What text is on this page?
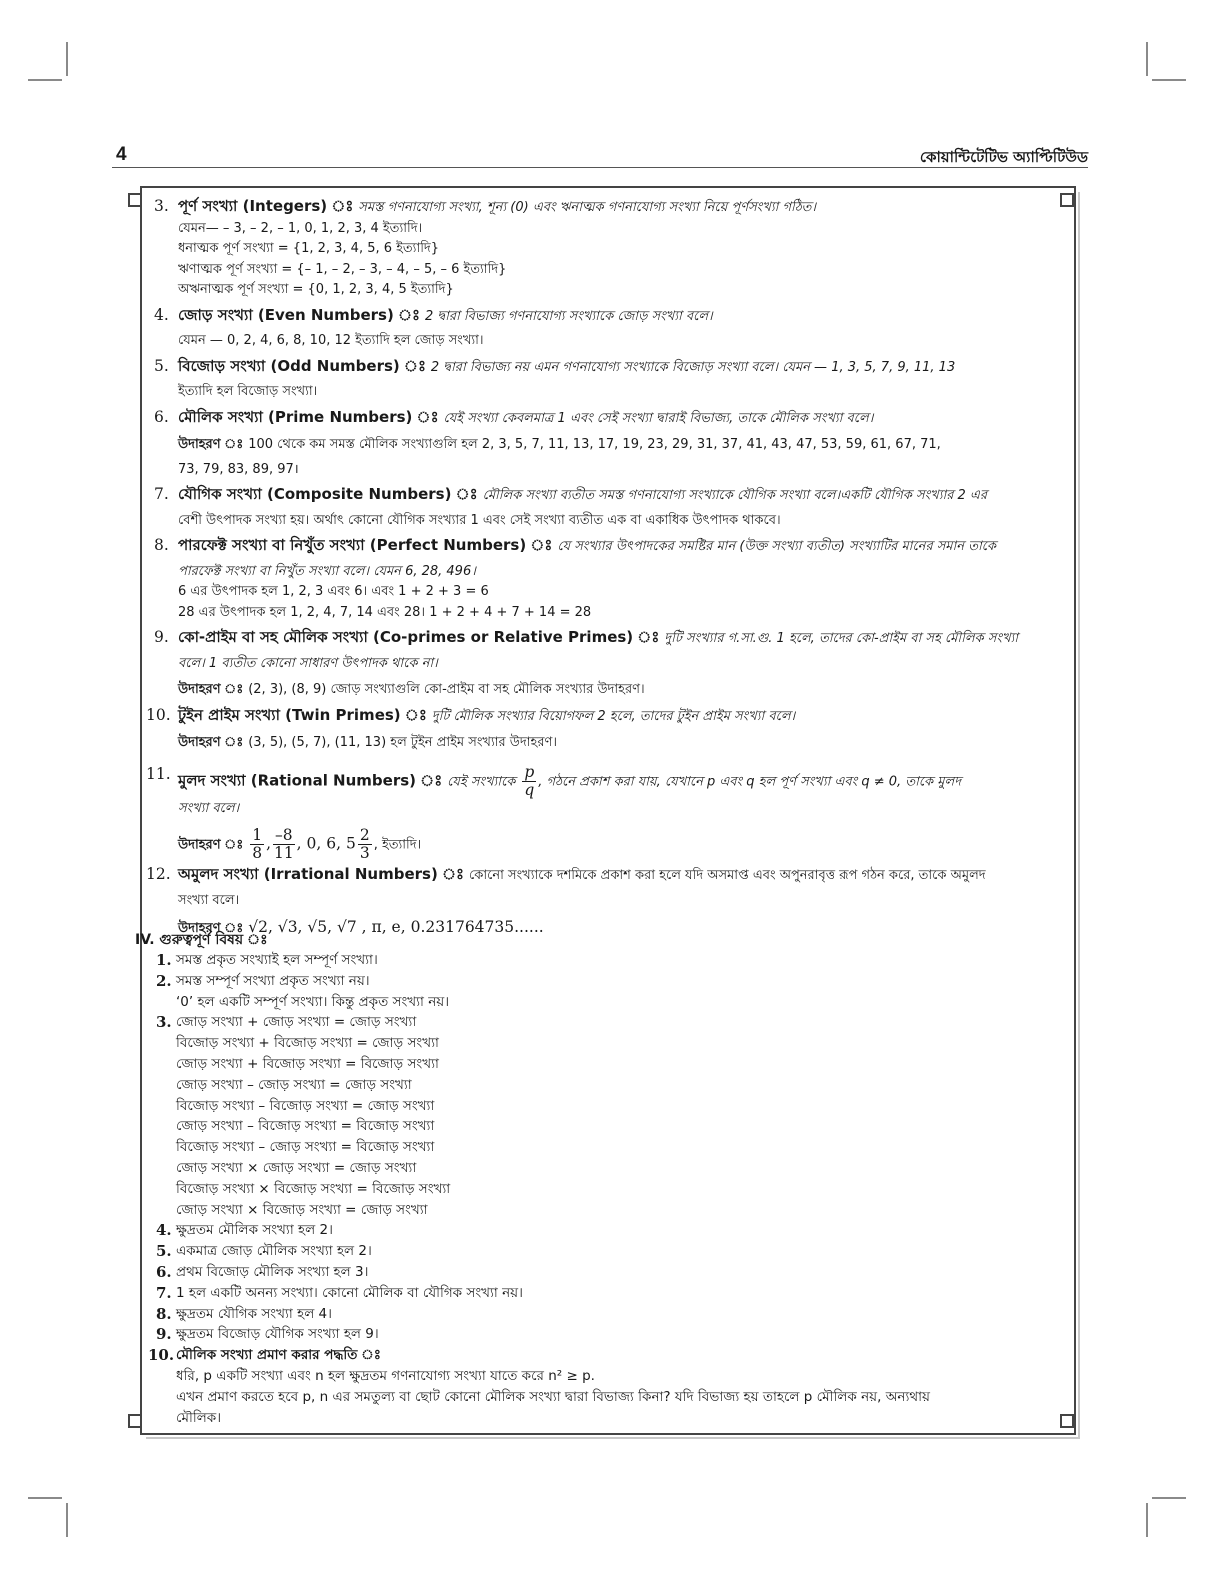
4	কোয়ান্টিটেটিভ অ্যাপ্টিটিউড
3. পূর্ণ সংখ্যা (Integers) ঃ সমস্ত গণনাযোগ্য সংখ্যা, শূন্য (0) এবং ঋনাত্মক গণনাযোগ্য সংখ্যা নিয়ে পূর্ণসংখ্যা গঠিত।
যেমন— – 3, – 2, – 1, 0, 1, 2, 3, 4 ইত্যাদি।
ধনাত্মক পূর্ণ সংখ্যা = {1, 2, 3, 4, 5, 6 ইত্যাদি}
ঋণাত্মক পূর্ণ সংখ্যা = {– 1, – 2, – 3, – 4, – 5, – 6 ইত্যাদি}
অঋনাত্মক পূর্ণ সংখ্যা = {0, 1, 2, 3, 4, 5 ইত্যাদি}
4. জোড় সংখ্যা (Even Numbers) ঃ 2 দ্বারা বিভাজ্য গণনাযোগ্য সংখ্যাকে জোড় সংখ্যা বলে।
যেমন — 0, 2, 4, 6, 8, 10, 12 ইত্যাদি হল জোড় সংখ্যা।
5. বিজোড় সংখ্যা (Odd Numbers) ঃ 2 দ্বারা বিভাজ্য নয় এমন গণনাযোগ্য সংখ্যাকে বিজোড় সংখ্যা বলে। যেমন — 1, 3, 5, 7, 9, 11, 13
ইত্যাদি হল বিজোড় সংখ্যা।
6. মৌলিক সংখ্যা (Prime Numbers) ঃ যেই সংখ্যা কেবলমাত্র 1 এবং সেই সংখ্যা দ্বারাই বিভাজ্য, তাকে মৌলিক সংখ্যা বলে।
উদাহরণ ঃ 100 থেকে কম সমস্ত মৌলিক সংখ্যাগুলি হল 2, 3, 5, 7, 11, 13, 17, 19, 23, 29, 31, 37, 41, 43, 47, 53, 59, 61, 67, 71,
73, 79, 83, 89, 97।
7. যৌগিক সংখ্যা (Composite Numbers) ঃ মৌলিক সংখ্যা ব্যতীত সমস্ত গণনাযোগ্য সংখ্যাকে যৌগিক সংখ্যা বলে।একটি যৌগিক সংখ্যার 2 এর
বেশী উৎপাদক সংখ্যা হয়। অর্থাৎ কোনো যৌগিক সংখ্যার 1 এবং সেই সংখ্যা ব্যতীত এক বা একাধিক উৎপাদক থাকবে।
8. পারফেক্ট সংখ্যা বা নিখুঁত সংখ্যা (Perfect Numbers) ঃ যে সংখ্যার উৎপাদকের সমষ্টির মান (উক্ত সংখ্যা ব্যতীত) সংখ্যাটির মানের সমান তাকে
পারফেক্ট সংখ্যা বা নিখুঁত সংখ্যা বলে। যেমন 6, 28, 496।
6 এর উৎপাদক হল 1, 2, 3 এবং 6। এবং 1 + 2 + 3 = 6
28 এর উৎপাদক হল 1, 2, 4, 7, 14 এবং 28। 1 + 2 + 4 + 7 + 14 = 28
9. কো-প্রাইম বা সহ মৌলিক সংখ্যা (Co-primes or Relative Primes) ঃ দুটি সংখ্যার গ.সা.গু. 1 হলে, তাদের কো-প্রাইম বা সহ মৌলিক সংখ্যা
বলে। 1 ব্যতীত কোনো সাধারণ উৎপাদক থাকে না।
উদাহরণ ঃ (2, 3), (8, 9) জোড় সংখ্যাগুলি কো-প্রাইম বা সহ মৌলিক সংখ্যার উদাহরণ।
10. টুইন প্রাইম সংখ্যা (Twin Primes) ঃ দুটি মৌলিক সংখ্যার বিয়োগফল 2 হলে, তাদের টুইন প্রাইম সংখ্যা বলে।
উদাহরণ ঃ (3, 5), (5, 7), (11, 13) হল টুইন প্রাইম সংখ্যার উদাহরণ।
11. মুলদ সংখ্যা (Rational Numbers) ঃ যেই সংখ্যাকে $\frac{p}{q}$ , গঠনে প্রকাশ করা যায়, যেখানে p এবং q হল পূর্ণ সংখ্যা এবং q ≠ 0, তাকে মুলদ
সংখ্যা বলে।
উদাহরণ ঃ $\frac{1}{8}$ , $\frac{-8}{11}$ , 0, 6, $5 \frac{2}{3}$ , ইত্যাদি।
12. অমুলদ সংখ্যা (Irrational Numbers) ঃ কোনো সংখ্যাকে দশমিকে প্রকাশ করা হলে যদি অসমাপ্ত এবং অপুনরাবৃত্ত রূপ গঠন করে, তাকে অমুলদ
সংখ্যা বলে।
উদাহরণ ঃ √2, √3, √5, √7 , π, e, 0.231764735......
IV. গুরুত্বপূর্ণ বিষয় ঃ
1. সমস্ত প্রকৃত সংখ্যাই হল সম্পূর্ণ সংখ্যা।
2. সমস্ত সম্পূর্ণ সংখ্যা প্রকৃত সংখ্যা নয়।
‘0’ হল একটি সম্পূর্ণ সংখ্যা। কিন্তু প্রকৃত সংখ্যা নয়।
3. জোড় সংখ্যা + জোড় সংখ্যা = জোড় সংখ্যা
বিজোড় সংখ্যা + বিজোড় সংখ্যা = জোড় সংখ্যা
জোড় সংখ্যা + বিজোড় সংখ্যা = বিজোড় সংখ্যা
জোড় সংখ্যা – জোড় সংখ্যা = জোড় সংখ্যা
বিজোড় সংখ্যা – বিজোড় সংখ্যা = জোড় সংখ্যা
জোড় সংখ্যা – বিজোড় সংখ্যা = বিজোড় সংখ্যা
বিজোড় সংখ্যা – জোড় সংখ্যা = বিজোড় সংখ্যা
জোড় সংখ্যা × জোড় সংখ্যা = জোড় সংখ্যা
বিজোড় সংখ্যা × বিজোড় সংখ্যা = বিজোড় সংখ্যা
জোড় সংখ্যা × বিজোড় সংখ্যা = জোড় সংখ্যা
4. ক্ষুদ্রতম মৌলিক সংখ্যা হল 2।
5. একমাত্র জোড় মৌলিক সংখ্যা হল 2।
6. প্রথম বিজোড় মৌলিক সংখ্যা হল 3।
7. 1 হল একটি অনন্য সংখ্যা। কোনো মৌলিক বা যৌগিক সংখ্যা নয়।
8. ক্ষুদ্রতম যৌগিক সংখ্যা হল 4।
9. ক্ষুদ্রতম বিজোড় যৌগিক সংখ্যা হল 9।
10. মৌলিক সংখ্যা প্রমাণ করার পদ্ধতি ঃ
ধরি, p একটি সংখ্যা এবং n হল ক্ষুদ্রতম গণনাযোগ্য সংখ্যা যাতে করে n² ≥ p.
এখন প্রমাণ করতে হবে p, n এর সমতুল্য বা ছোট কোনো মৌলিক সংখ্যা দ্বারা বিভাজ্য কিনা? যদি বিভাজ্য হয় তাহলে p মৌলিক নয়, অন্যথায়
মৌলিক।
